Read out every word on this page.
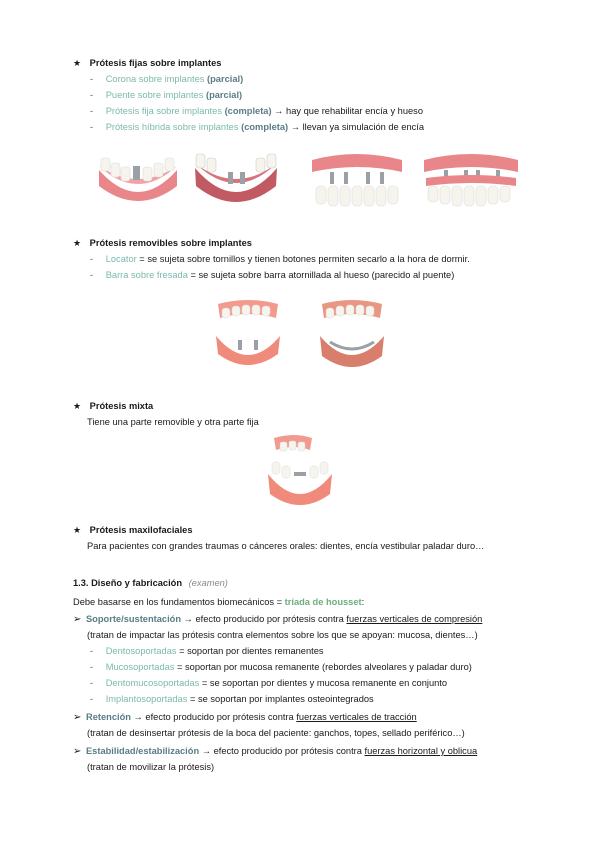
★ Prótesis fijas sobre implantes
- Corona sobre implantes (parcial)
- Puente sobre implantes (parcial)
- Prótesis fija sobre implantes (completa) → hay que rehabilitar encía y hueso
- Prótesis híbrida sobre implantes (completa) → llevan ya simulación de encía
★ Prótesis removibles sobre implantes
- Locator = se sujeta sobre tornillos y tienen botones permiten secarlo a la hora de dormir.
- Barra sobre fresada = se sujeta sobre barra atornillada al hueso (parecido al puente)
★ Prótesis mixta
Tiene una parte removible y otra parte fija
★ Prótesis maxilofaciales
Para pacientes con grandes traumas o cánceres orales: dientes, encía vestibular paladar duro…
1.3. Diseño y fabricación (examen)
Debe basarse en los fundamentos biomecánicos = tríada de housset:
➢ Soporte/sustentación → efecto producido por prótesis contra fuerzas verticales de compresión
(tratan de impactar las prótesis contra elementos sobre los que se apoyan: mucosa, dientes…)
- Dentosoportadas = soportan por dientes remanentes
- Mucosoportadas = soportan por mucosa remanente (rebordes alveolares y paladar duro)
- Dentomucosoportadas = se soportan por dientes y mucosa remanente en conjunto
- Implantosoportadas = se soportan por implantes osteointegrados
➢ Retención → efecto producido por prótesis contra fuerzas verticales de tracción
(tratan de desinsertar prótesis de la boca del paciente: ganchos, topes, sellado periférico…)
➢ Estabilidad/estabilización → efecto producido por prótesis contra fuerzas horizontal y oblicua
(tratan de movilizar la prótesis)
